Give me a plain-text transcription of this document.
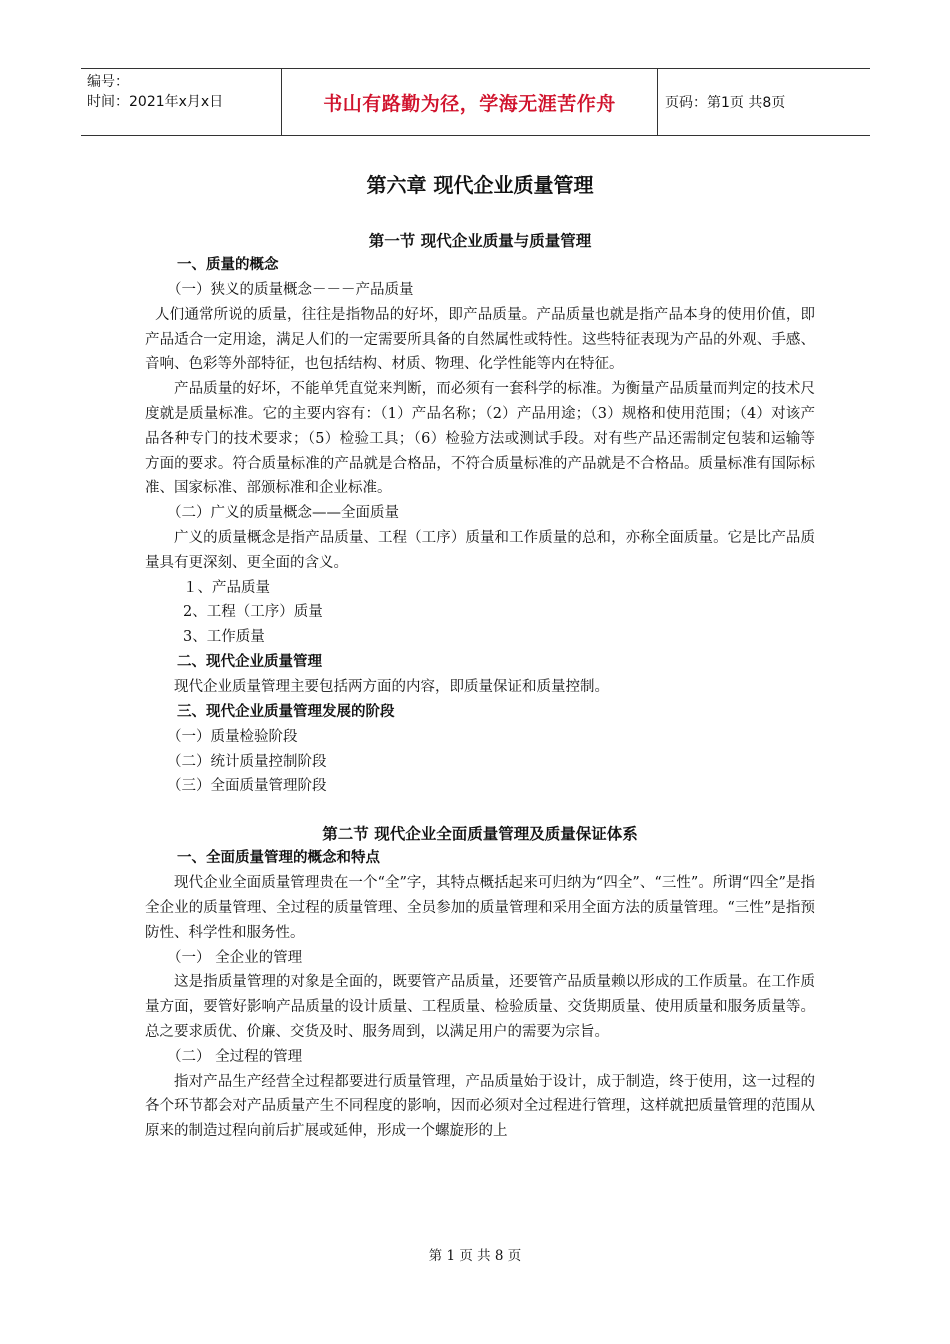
编号：
时间：2021年x月x日	书山有路勤为径，学海无涯苦作舟	页码：第1页 共8页
第六章 现代企业质量管理
第一节 现代企业质量与质量管理
一、质量的概念

（一）狭义的质量概念－－－产品质量

人们通常所说的质量，往往是指物品的好坏，即产品质量。产品质量也就是指产品本身的使用价值，即产品适合一定用途，满足人们的一定需要所具备的自然属性或特性。这些特征表现为产品的外观、手感、音响、色彩等外部特征，也包括结构、材质、物理、化学性能等内在特征。

产品质量的好坏，不能单凭直觉来判断，而必须有一套科学的标准。为衡量产品质量而判定的技术尺度就是质量标准。它的主要内容有：（1）产品名称；（2）产品用途；（3）规格和使用范围；（4）对该产品各种专门的技术要求；（5）检验工具；（6）检验方法或测试手段。对有些产品还需制定包装和运输等方面的要求。符合质量标准的产品就是合格品，不符合质量标准的产品就是不合格品。质量标准有国际标准、国家标准、部颁标准和企业标准。

（二）广义的质量概念——全面质量

广义的质量概念是指产品质量、工程（工序）质量和工作质量的总和，亦称全面质量。它是比产品质量具有更深刻、更全面的含义。

１、产品质量

2、工程（工序）质量

3、工作质量

二、现代企业质量管理

现代企业质量管理主要包括两方面的内容，即质量保证和质量控制。

三、现代企业质量管理发展的阶段

（一）质量检验阶段

（二）统计质量控制阶段

（三）全面质量管理阶段

第二节 现代企业全面质量管理及质量保证体系
一、全面质量管理的概念和特点

现代企业全面质量管理贵在一个“全”字，其特点概括起来可归纳为“四全”、“三性”。所谓“四全”是指全企业的质量管理、全过程的质量管理、全员参加的质量管理和采用全面方法的质量管理。“三性”是指预防性、科学性和服务性。

（一） 全企业的管理

这是指质量管理的对象是全面的，既要管产品质量，还要管产品质量赖以形成的工作质量。在工作质量方面，要管好影响产品质量的设计质量、工程质量、检验质量、交货期质量、使用质量和服务质量等。总之要求质优、价廉、交货及时、服务周到，以满足用户的需要为宗旨。

（二） 全过程的管理

指对产品生产经营全过程都要进行质量管理，产品质量始于设计，成于制造，终于使用，这一过程的各个环节都会对产品质量产生不同程度的影响，因而必须对全过程进行管理，这样就把质量管理的范围从原来的制造过程向前后扩展或延伸，形成一个螺旋形的上

第 1 页 共 8 页
